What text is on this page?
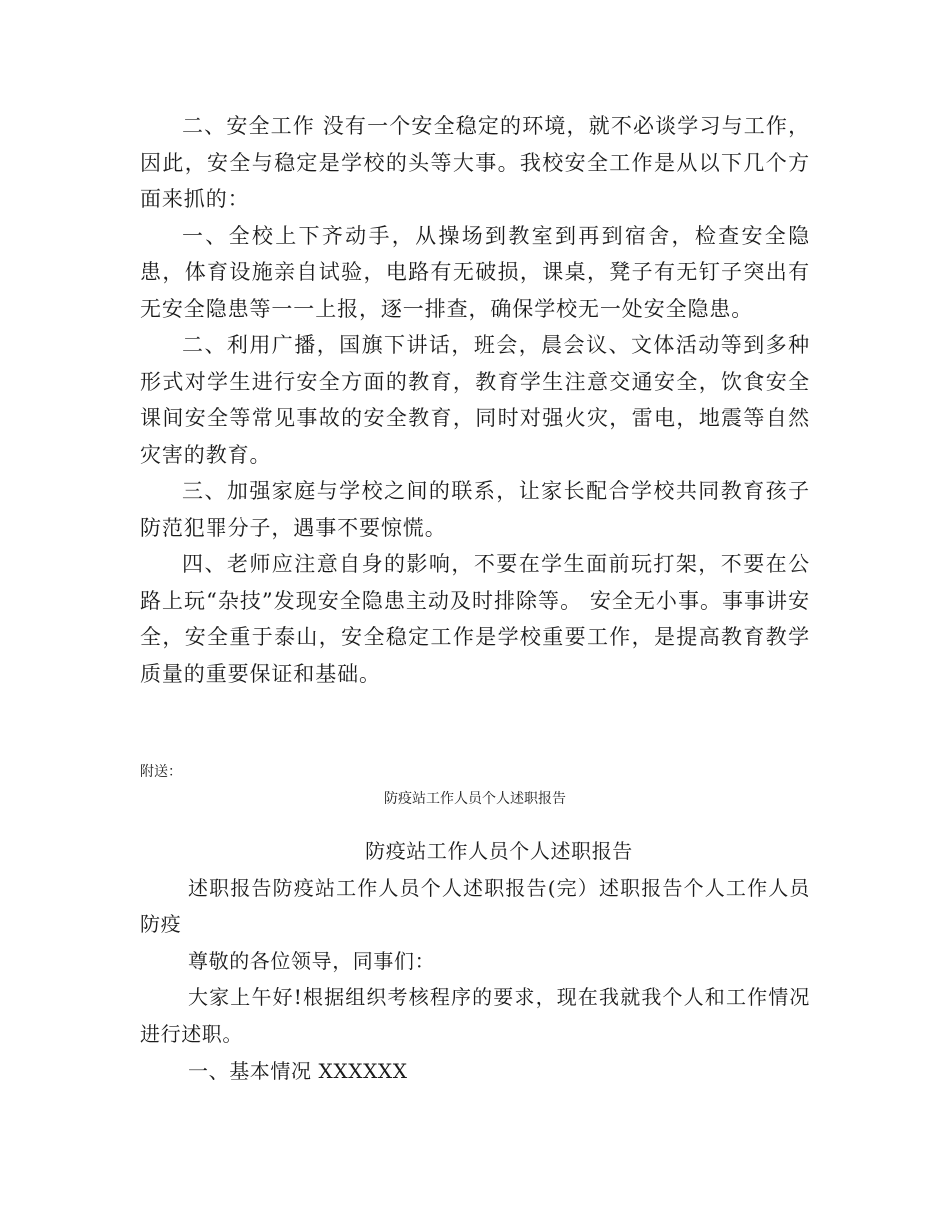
二、安全工作 没有一个安全稳定的环境，就不必谈学习与工作，因此，安全与稳定是学校的头等大事。我校安全工作是从以下几个方面来抓的：

一、全校上下齐动手，从操场到教室到再到宿舍，检查安全隐患，体育设施亲自试验，电路有无破损，课桌，凳子有无钉子突出有无安全隐患等一一上报，逐一排查，确保学校无一处安全隐患。

二、利用广播，国旗下讲话，班会，晨会议、文体活动等到多种形式对学生进行安全方面的教育，教育学生注意交通安全，饮食安全课间安全等常见事故的安全教育，同时对强火灾，雷电，地震等自然灾害的教育。

三、加强家庭与学校之间的联系，让家长配合学校共同教育孩子防范犯罪分子，遇事不要惊慌。

四、老师应注意自身的影响，不要在学生面前玩打架，不要在公路上玩“杂技”发现安全隐患主动及时排除等。 安全无小事。事事讲安全，安全重于泰山，安全稳定工作是学校重要工作，是提高教育教学质量的重要保证和基础。

附送：
防疫站工作人员个人述职报告

防疫站工作人员个人述职报告

述职报告防疫站工作人员个人述职报告(完）述职报告个人工作人员防疫

尊敬的各位领导，同事们：

大家上午好!根据组织考核程序的要求，现在我就我个人和工作情况进行述职。

一、基本情况 XXXXXX
